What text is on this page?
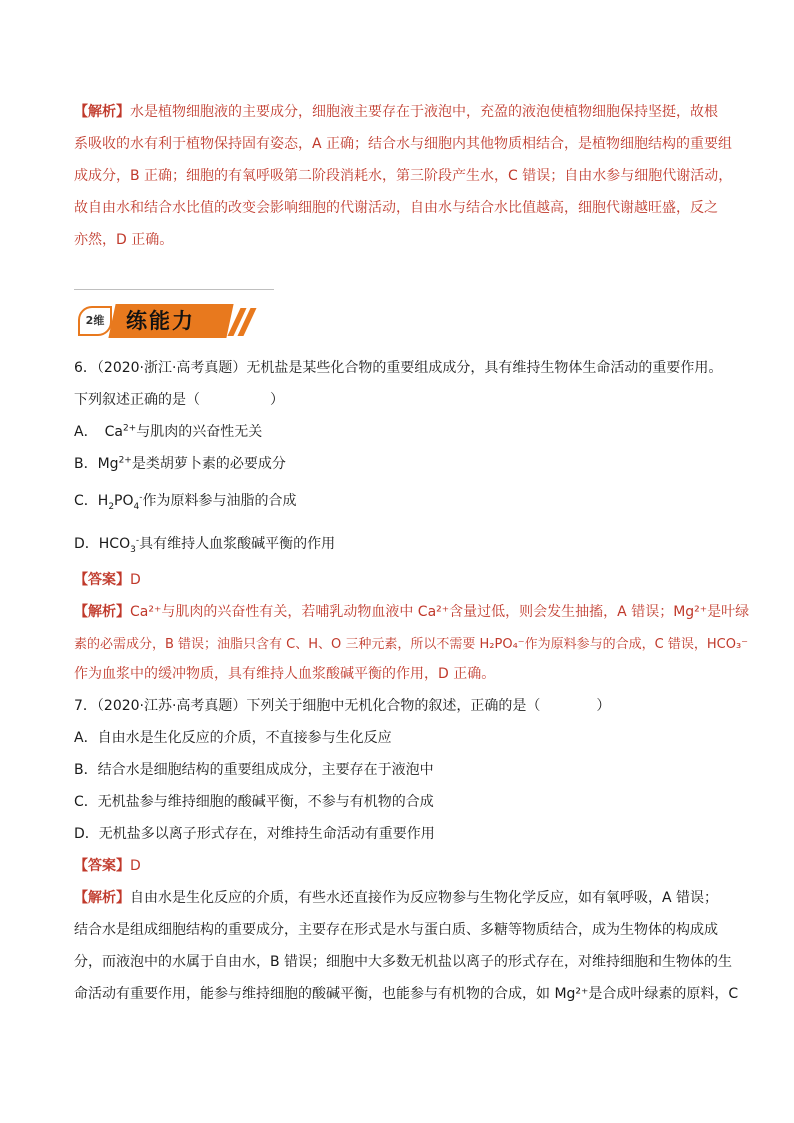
【解析】水是植物细胞液的主要成分，细胞液主要存在于液泡中，充盈的液泡使植物细胞保持坚挺，故根
系吸收的水有利于植物保持固有姿态，A 正确；结合水与细胞内其他物质相结合，是植物细胞结构的重要组
成成分，B 正确；细胞的有氧呼吸第二阶段消耗水，第三阶段产生水，C 错误；自由水参与细胞代谢活动，
故自由水和结合水比值的改变会影响细胞的代谢活动，自由水与结合水比值越高，细胞代谢越旺盛，反之
亦然，D 正确。
2维	练能力
6．（2020·浙江·高考真题）无机盐是某些化合物的重要组成成分，具有维持生物体生命活动的重要作用。
下列叙述正确的是（　　　　　）
A．　$Ca^{2+}$与肌肉的兴奋性无关
B．$Mg^{2+}$是类胡萝卜素的必要成分
C．$H_2PO_4^-$作为原料参与油脂的合成
D．$HCO_3^-$具有维持人血浆酸碱平衡的作用
【答案】D
【解析】Ca²⁺与肌肉的兴奋性有关，若哺乳动物血液中 Ca²⁺含量过低，则会发生抽搐，A 错误；Mg²⁺是叶绿
素的必需成分，B 错误；油脂只含有 C、H、O 三种元素，所以不需要 H₂PO₄⁻作为原料参与的合成，C 错误，HCO₃⁻
作为血浆中的缓冲物质，具有维持人血浆酸碱平衡的作用，D 正确。
7．（2020·江苏·高考真题）下列关于细胞中无机化合物的叙述，正确的是（　　　　）
A．自由水是生化反应的介质，不直接参与生化反应
B．结合水是细胞结构的重要组成成分，主要存在于液泡中
C．无机盐参与维持细胞的酸碱平衡，不参与有机物的合成
D．无机盐多以离子形式存在，对维持生命活动有重要作用
【答案】D
【解析】自由水是生化反应的介质，有些水还直接作为反应物参与生物化学反应，如有氧呼吸，A 错误；
结合水是组成细胞结构的重要成分，主要存在形式是水与蛋白质、多糖等物质结合，成为生物体的构成成
分，而液泡中的水属于自由水，B 错误；细胞中大多数无机盐以离子的形式存在，对维持细胞和生物体的生
命活动有重要作用，能参与维持细胞的酸碱平衡，也能参与有机物的合成，如 Mg²⁺是合成叶绿素的原料，C
